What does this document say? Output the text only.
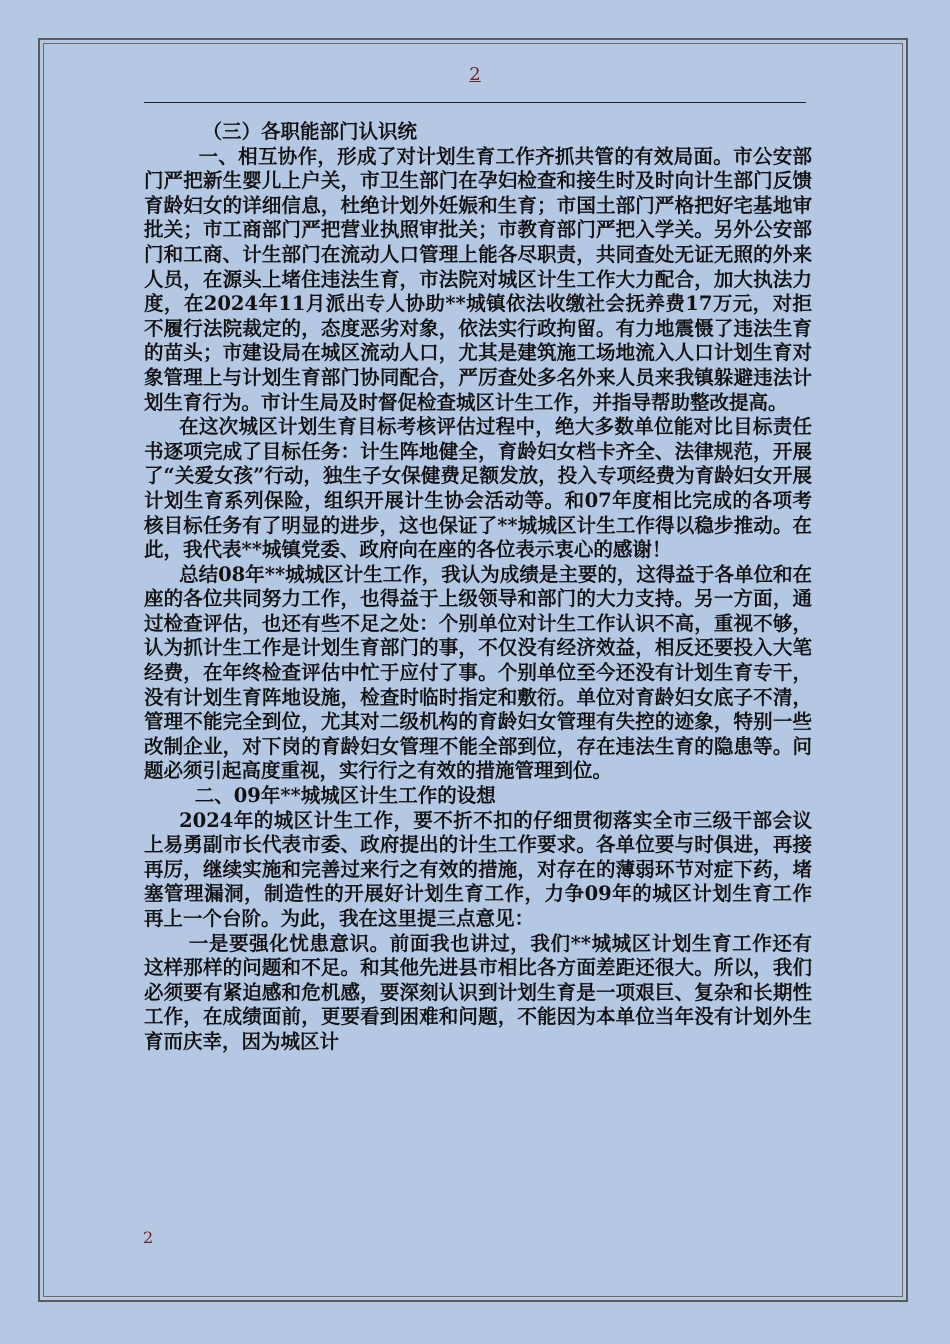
2

（三）各职能部门认识统

一、相互协作，形成了对计划生育工作齐抓共管的有效局面。市公安部门严把新生婴儿上户关，市卫生部门在孕妇检查和接生时及时向计生部门反馈育龄妇女的详细信息，杜绝计划外妊娠和生育；市国土部门严格把好宅基地审批关；市工商部门严把营业执照审批关；市教育部门严把入学关。另外公安部门和工商、计生部门在流动人口管理上能各尽职责，共同查处无证无照的外来人员，在源头上堵住违法生育，市法院对城区计生工作大力配合，加大执法力度，在2024年11月派出专人协助**城镇依法收缴社会抚养费17万元，对拒不履行法院裁定的，态度恶劣对象，依法实行政拘留。有力地震慑了违法生育的苗头；市建设局在城区流动人口，尤其是建筑施工场地流入人口计划生育对象管理上与计划生育部门协同配合，严厉查处多名外来人员来我镇躲避违法计划生育行为。市计生局及时督促检查城区计生工作，并指导帮助整改提高。

在这次城区计划生育目标考核评估过程中，绝大多数单位能对比目标责任书逐项完成了目标任务：计生阵地健全，育龄妇女档卡齐全、法律规范，开展了“关爱女孩”行动，独生子女保健费足额发放，投入专项经费为育龄妇女开展计划生育系列保险，组织开展计生协会活动等。和07年度相比完成的各项考核目标任务有了明显的进步，这也保证了**城城区计生工作得以稳步推动。在此，我代表**城镇党委、政府向在座的各位表示衷心的感谢！

总结08年**城城区计生工作，我认为成绩是主要的，这得益于各单位和在座的各位共同努力工作，也得益于上级领导和部门的大力支持。另一方面，通过检查评估，也还有些不足之处：个别单位对计生工作认识不高，重视不够，认为抓计生工作是计划生育部门的事，不仅没有经济效益，相反还要投入大笔经费，在年终检查评估中忙于应付了事。个别单位至今还没有计划生育专干，没有计划生育阵地设施，检查时临时指定和敷衍。单位对育龄妇女底子不清，管理不能完全到位，尤其对二级机构的育龄妇女管理有失控的迹象，特别一些改制企业，对下岗的育龄妇女管理不能全部到位，存在违法生育的隐患等。问题必须引起高度重视，实行行之有效的措施管理到位。

二、09年**城城区计生工作的设想

2024年的城区计生工作，要不折不扣的仔细贯彻落实全市三级干部会议上易勇副市长代表市委、政府提出的计生工作要求。各单位要与时俱进，再接再厉，继续实施和完善过来行之有效的措施，对存在的薄弱环节对症下药，堵塞管理漏洞，制造性的开展好计划生育工作，力争09年的城区计划生育工作再上一个台阶。为此，我在这里提三点意见：

一是要强化忧患意识。前面我也讲过，我们**城城区计划生育工作还有这样那样的问题和不足。和其他先进县市相比各方面差距还很大。所以，我们必须要有紧迫感和危机感，要深刻认识到计划生育是一项艰巨、复杂和长期性工作，在成绩面前，更要看到困难和问题，不能因为本单位当年没有计划外生育而庆幸，因为城区计

2
